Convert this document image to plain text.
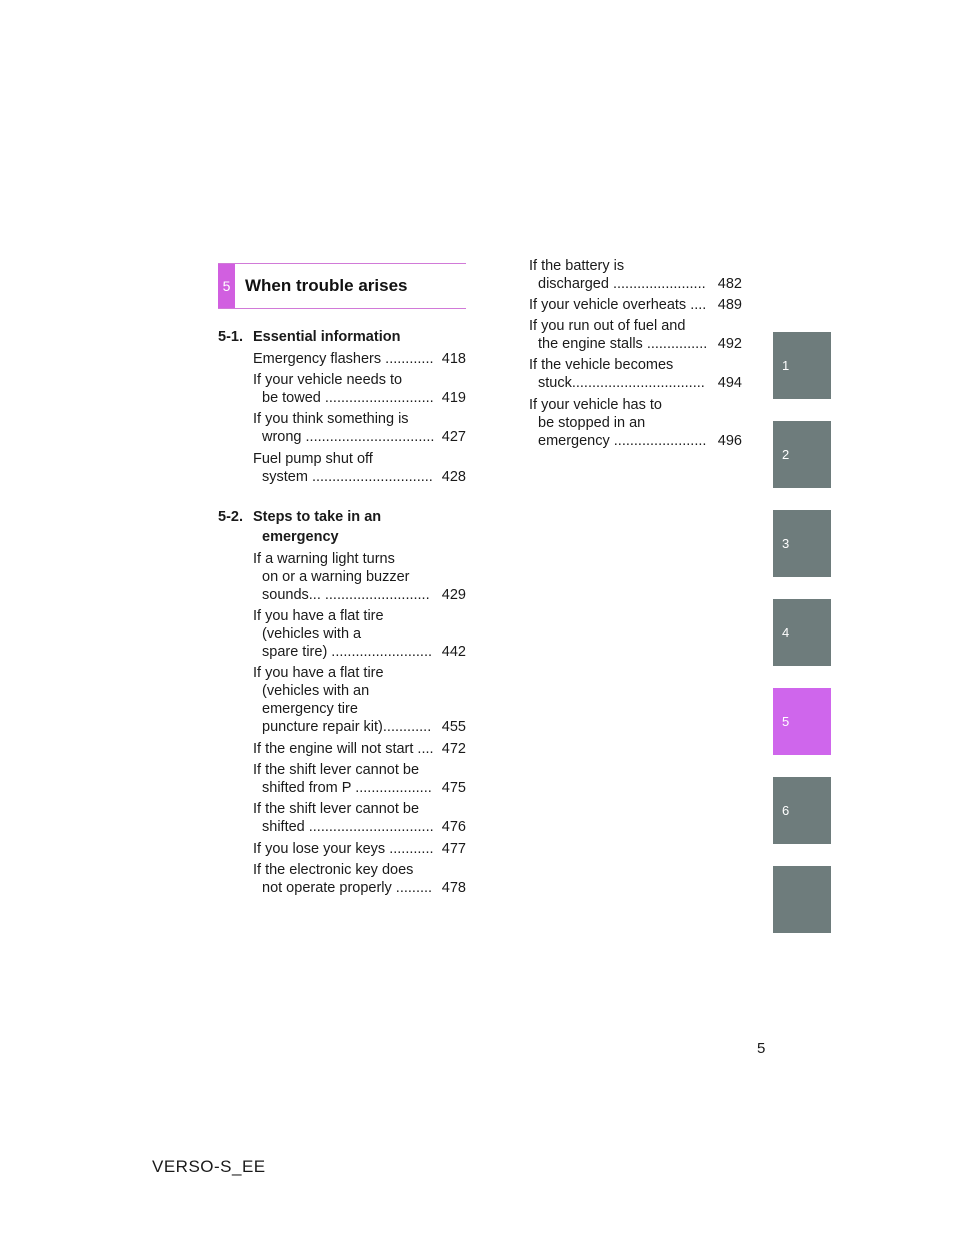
5 When trouble arises
5-1. Essential information
Emergency flashers ............ 418
If your vehicle needs to
be towed ........................... 419
If you think something is
wrong ................................ 427
Fuel pump shut off
system .............................. 428
5-2. Steps to take in an
emergency
If a warning light turns
on or a warning buzzer
sounds... .......................... 429
If you have a flat tire
(vehicles with a
spare tire) ......................... 442
If you have a flat tire
(vehicles with an
emergency tire
puncture repair kit)............ 455
If the engine will not start .... 472
If the shift lever cannot be
shifted from P ................... 475
If the shift lever cannot be
shifted ............................... 476
If you lose your keys ........... 477
If the electronic key does
not operate properly ......... 478
If the battery is
discharged ....................... 482
If your vehicle overheats .... 489
If you run out of fuel and
the engine stalls ............... 492
If the vehicle becomes
stuck................................. 494
If your vehicle has to
be stopped in an
emergency ....................... 496
1
2
3
4
5
6
5
VERSO-S_EE
